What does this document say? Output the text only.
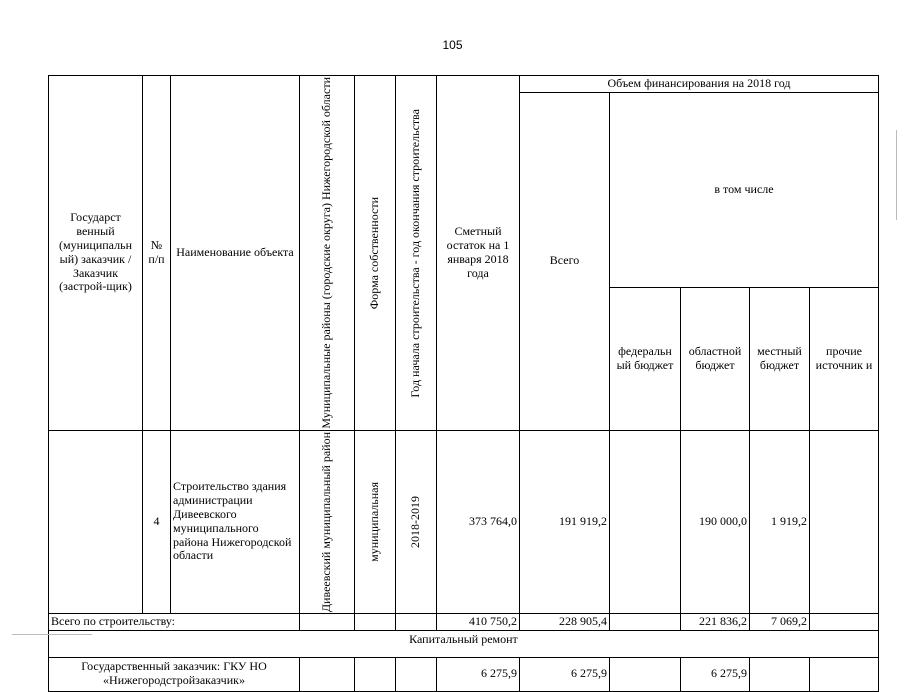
105
Государст венный (муниципальн ый) заказчик / Заказчик (застрой-щик)	№ п/п	Наименование объекта	Муниципальные районы (городские округа) Нижегородской области	Форма собственности	Год начала строительства - год окончания строительства	Сметный остаток на 1 января 2018 года	Объем финансирования на 2018 год				
							Всего	в том числе			
								федеральн ый бюджет	областной бюджет	местный бюджет	прочие источник и
	4	Строительство здания администрации Дивеевского муниципального района Нижегородской области	Дивеевский муниципальный район	муниципальная	2018-2019	373 764,0	191 919,2		190 000,0	1 919,2	
Всего по строительству:						410 750,2	228 905,4		221 836,2	7 069,2	
Капитальный ремонт											
Государственный заказчик: ГКУ НО «Нижегородстройзаказчик»						6 275,9	6 275,9		6 275,9		
